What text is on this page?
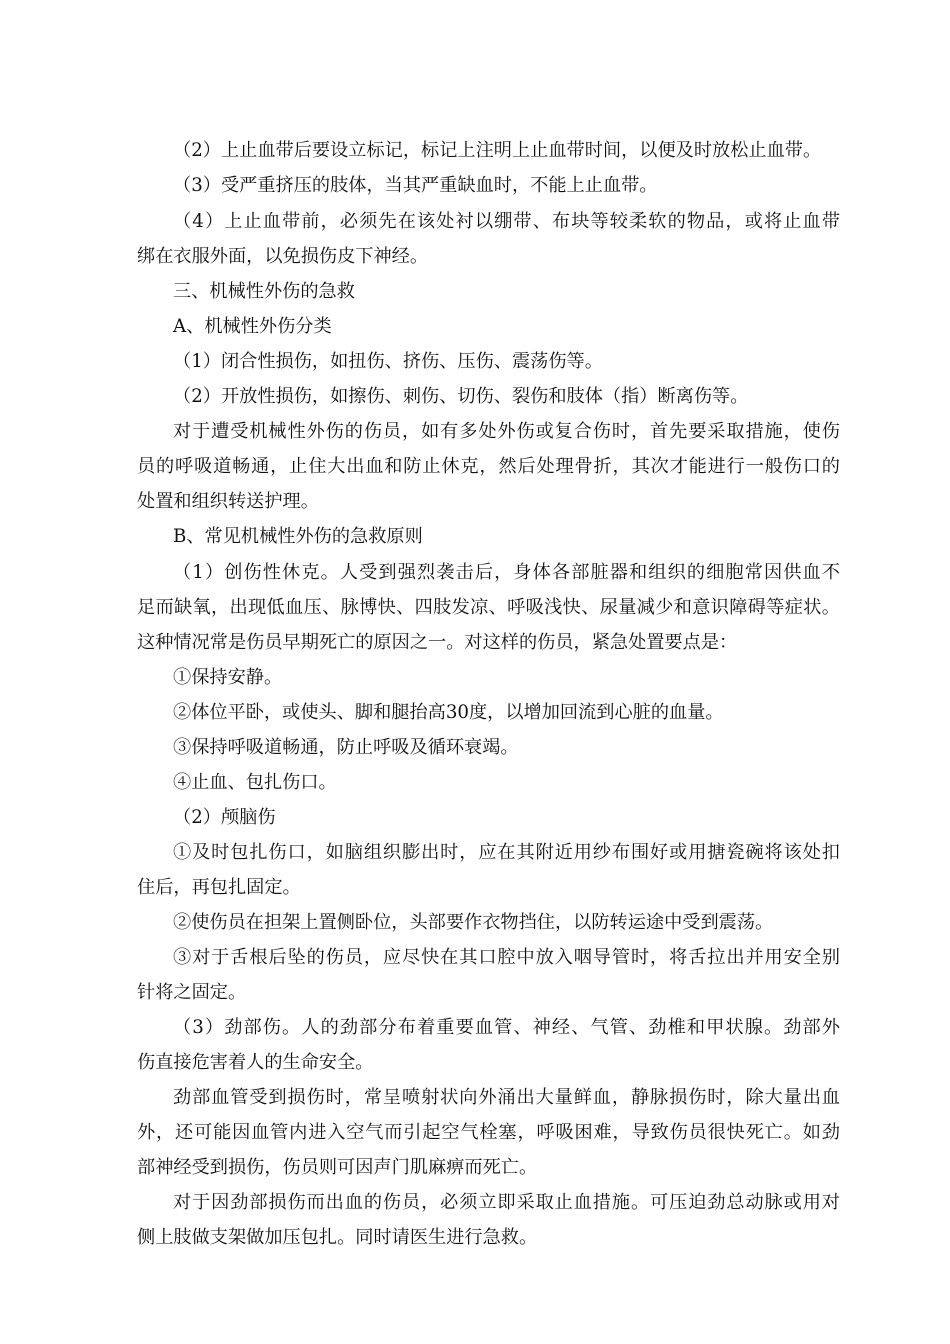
（2）上止血带后要设立标记，标记上注明上止血带时间，以便及时放松止血带。

（3）受严重挤压的肢体，当其严重缺血时，不能上止血带。

（4）上止血带前，必须先在该处衬以绷带、布块等较柔软的物品，或将止血带

绑在衣服外面，以免损伤皮下神经。

三、机械性外伤的急救

A、机械性外伤分类

（1）闭合性损伤，如扭伤、挤伤、压伤、震荡伤等。

（2）开放性损伤，如擦伤、刺伤、切伤、裂伤和肢体（指）断离伤等。

对于遭受机械性外伤的伤员，如有多处外伤或复合伤时，首先要采取措施，使伤

员的呼吸道畅通，止住大出血和防止休克，然后处理骨折，其次才能进行一般伤口的

处置和组织转送护理。

B、常见机械性外伤的急救原则

（1）创伤性休克。人受到强烈袭击后，身体各部脏器和组织的细胞常因供血不

足而缺氧，出现低血压、脉博快、四肢发凉、呼吸浅快、尿量减少和意识障碍等症状。

这种情况常是伤员早期死亡的原因之一。对这样的伤员，紧急处置要点是：

①保持安静。

②体位平卧，或使头、脚和腿抬高30度，以增加回流到心脏的血量。

③保持呼吸道畅通，防止呼吸及循环衰竭。

④止血、包扎伤口。

（2）颅脑伤

①及时包扎伤口，如脑组织膨出时，应在其附近用纱布围好或用搪瓷碗将该处扣

住后，再包扎固定。

②使伤员在担架上置侧卧位，头部要作衣物挡住，以防转运途中受到震荡。

③对于舌根后坠的伤员，应尽快在其口腔中放入咽导管时，将舌拉出并用安全别

针将之固定。

（3）劲部伤。人的劲部分布着重要血管、神经、气管、劲椎和甲状腺。劲部外

伤直接危害着人的生命安全。

劲部血管受到损伤时，常呈喷射状向外涌出大量鲜血，静脉损伤时，除大量出血

外，还可能因血管内进入空气而引起空气栓塞，呼吸困难，导致伤员很快死亡。如劲

部神经受到损伤，伤员则可因声门肌麻痹而死亡。

对于因劲部损伤而出血的伤员，必须立即采取止血措施。可压迫劲总动脉或用对

侧上肢做支架做加压包扎。同时请医生进行急救。
